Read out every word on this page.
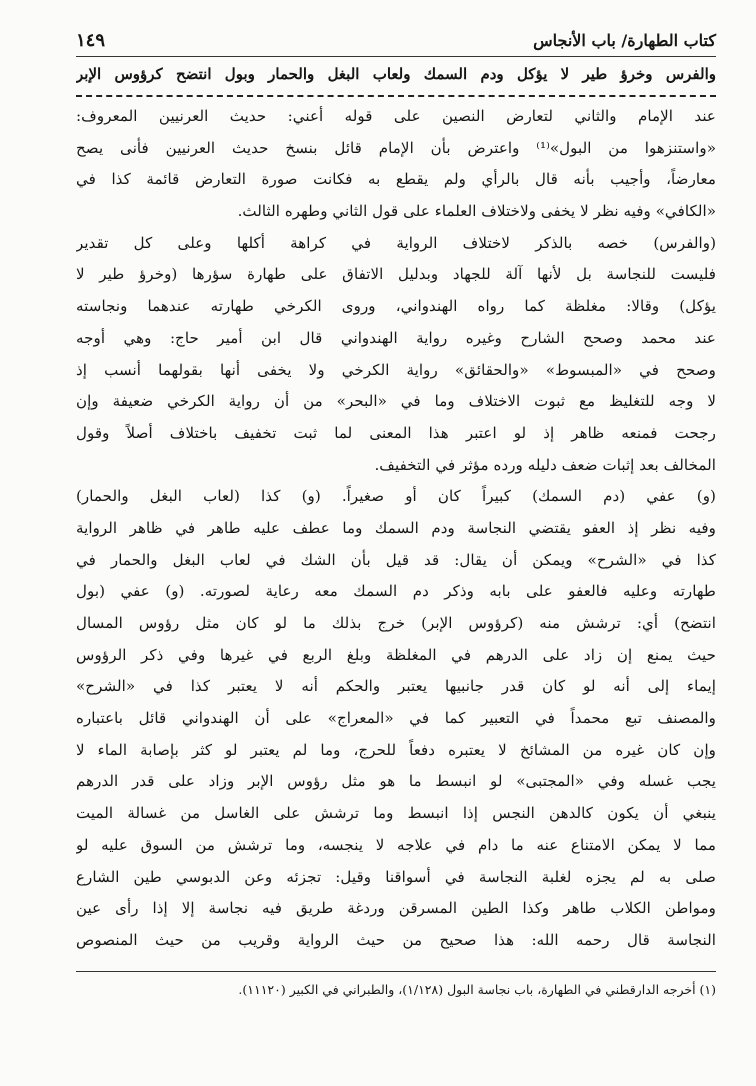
كتاب الطهارة/ باب الأنجاس
١٤٩
والفرس وخرؤ طير لا يؤكل ودم السمك ولعاب البغل والحمار وبول انتضح كرؤوس الإبر
عند الإمام والثاني لتعارض النصين على قوله أعني: حديث العرنيين المعروف:
«واستنزهوا من البول»⁽¹⁾ واعترض بأن الإمام قائل بنسخ حديث العرنيين فأنى يصح
معارضاً، وأجيب بأنه قال بالرأي ولم يقطع به فكانت صورة التعارض قائمة كذا في
«الكافي» وفيه نظر لا يخفى ولاختلاف العلماء على قول الثاني وطهره الثالث.
(والفرس) خصه بالذكر لاختلاف الرواية في كراهة أكلها وعلى كل تقدير
فليست للنجاسة بل لأنها آلة للجهاد وبدليل الاتفاق على طهارة سؤرها (وخرؤ طير لا
يؤكل) وقالا: مغلظة كما رواه الهندواني، وروى الكرخي طهارته عندهما ونجاسته
عند محمد وصحح الشارح وغيره رواية الهندواني قال ابن أمير حاج: وهي أوجه
وصحح في «المبسوط» «والحقائق» رواية الكرخي ولا يخفى أنها بقولهما أنسب إذ
لا وجه للتغليظ مع ثبوت الاختلاف وما في «البحر» من أن رواية الكرخي ضعيفة وإن
رجحت فمنعه ظاهر إذ لو اعتبر هذا المعنى لما ثبت تخفيف باختلاف أصلاً وقول
المخالف بعد إثبات ضعف دليله ورده مؤثر في التخفيف.
(و) عفي (دم السمك) كبيراً كان أو صغيراً. (و) كذا (لعاب البغل والحمار)
وفيه نظر إذ العفو يقتضي النجاسة ودم السمك وما عطف عليه طاهر في ظاهر الرواية
كذا في «الشرح» ويمكن أن يقال: قد قيل بأن الشك في لعاب البغل والحمار في
طهارته وعليه فالعفو على بابه وذكر دم السمك معه رعاية لصورته. (و) عفي (بول
انتضح) أي: ترشش منه (كرؤوس الإبر) خرج بذلك ما لو كان مثل رؤوس المسال
حيث يمنع إن زاد على الدرهم في المغلظة وبلغ الربع في غيرها وفي ذكر الرؤوس
إيماء إلى أنه لو كان قدر جانبيها يعتبر والحكم أنه لا يعتبر كذا في «الشرح»
والمصنف تبع محمداً في التعبير كما في «المعراج» على أن الهندواني قائل باعتباره
وإن كان غيره من المشائخ لا يعتبره دفعاً للحرج، وما لم يعتبر لو كثر بإصابة الماء لا
يجب غسله وفي «المجتبى» لو انبسط ما هو مثل رؤوس الإبر وزاد على قدر الدرهم
ينبغي أن يكون كالدهن النجس إذا انبسط وما ترشش على الغاسل من غسالة الميت
مما لا يمكن الامتناع عنه ما دام في علاجه لا ينجسه، وما ترشش من السوق عليه لو
صلى به لم يجزه لغلبة النجاسة في أسواقنا وقيل: تجزئه وعن الدبوسي طين الشارع
ومواطن الكلاب طاهر وكذا الطين المسرقن وردغة طريق فيه نجاسة إلا إذا رأى عين
النجاسة قال رحمه الله: هذا صحيح من حيث الرواية وقريب من حيث المنصوص
(١) أخرجه الدارقطني في الطهارة، باب نجاسة البول (١/١٢٨)، والطبراني في الكبير (١١١٢٠).
